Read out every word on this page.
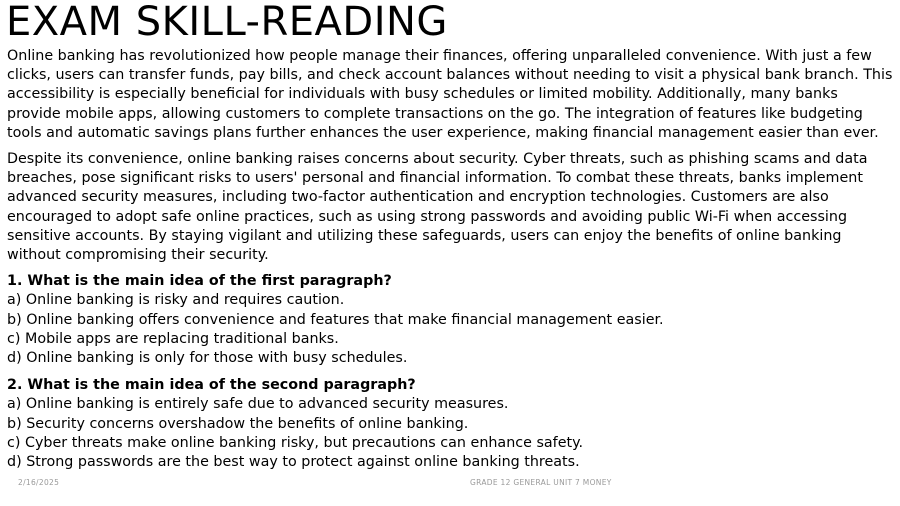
EXAM SKILL-READING

Online banking has revolutionized how people manage their finances, offering unparalleled convenience. With just a few clicks, users can transfer funds, pay bills, and check account balances without needing to visit a physical bank branch. This accessibility is especially beneficial for individuals with busy schedules or limited mobility. Additionally, many banks provide mobile apps, allowing customers to complete transactions on the go. The integration of features like budgeting tools and automatic savings plans further enhances the user experience, making financial management easier than ever.

Despite its convenience, online banking raises concerns about security. Cyber threats, such as phishing scams and data breaches, pose significant risks to users' personal and financial information. To combat these threats, banks implement advanced security measures, including two-factor authentication and encryption technologies. Customers are also encouraged to adopt safe online practices, such as using strong passwords and avoiding public Wi-Fi when accessing sensitive accounts. By staying vigilant and utilizing these safeguards, users can enjoy the benefits of online banking without compromising their security.

1. What is the main idea of the first paragraph?

a) Online banking is risky and requires caution.

b) Online banking offers convenience and features that make financial management easier.

c) Mobile apps are replacing traditional banks.

d) Online banking is only for those with busy schedules.

2. What is the main idea of the second paragraph?

a) Online banking is entirely safe due to advanced security measures.

b) Security concerns overshadow the benefits of online banking.

c) Cyber threats make online banking risky, but precautions can enhance safety.

d) Strong passwords are the best way to protect against online banking threats.

2/16/2025	GRADE 12 GENERAL UNIT 7 MONEY
